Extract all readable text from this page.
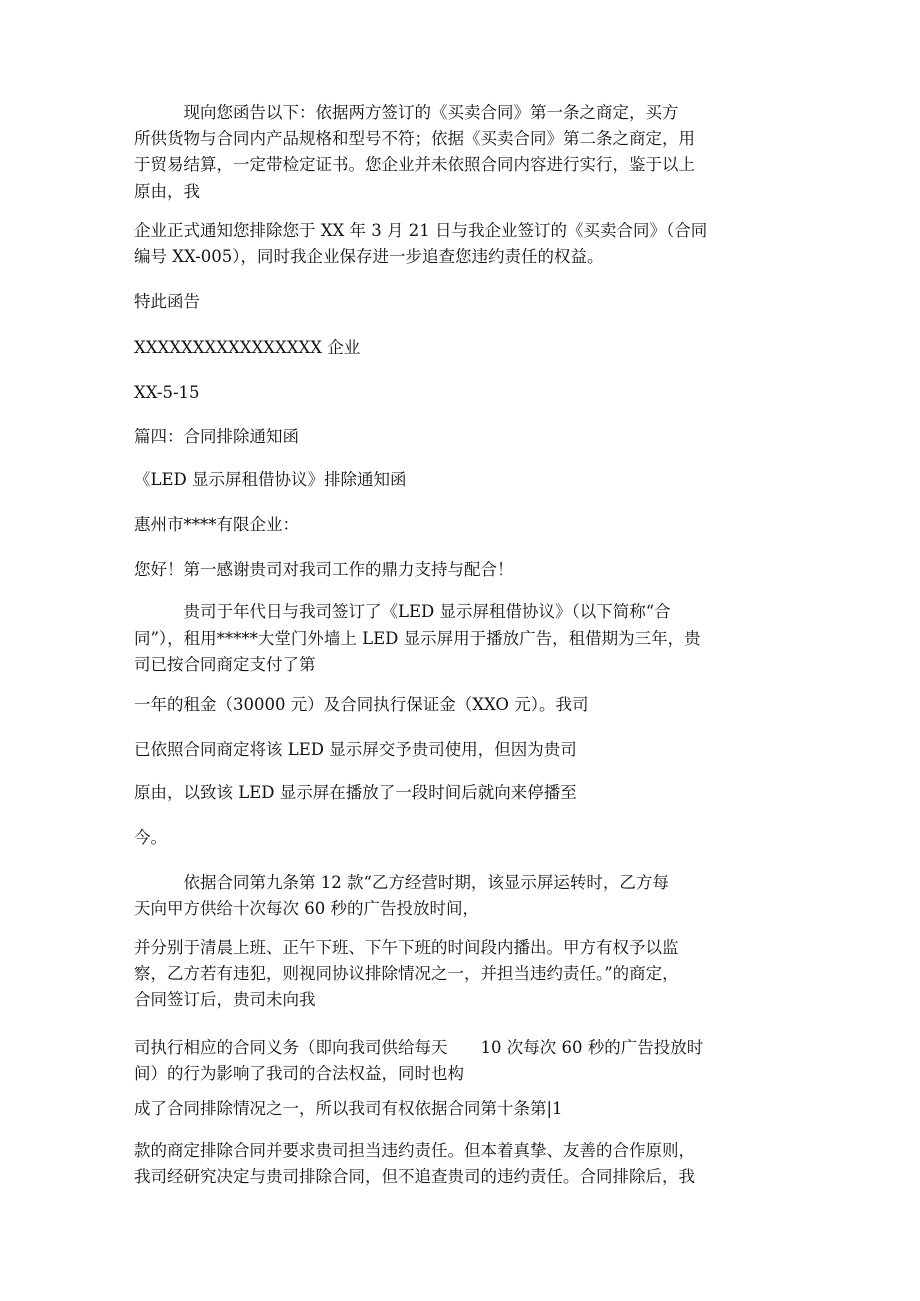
　　　现向您函告以下：依据两方签订的《买卖合同》第一条之商定，买方
所供货物与合同内产品规格和型号不符；依据《买卖合同》第二条之商定，用
于贸易结算，一定带检定证书。您企业并未依照合同内容进行实行，鉴于以上
原由，我
企业正式通知您排除您于 XX 年 3 月 21 日与我企业签订的《买卖合同》（合同
编号 XX-005），同时我企业保存进一步追查您违约责任的权益。
特此函告
XXXXXXXXXXXXXXXX 企业
XX-5-15
篇四：合同排除通知函
《LED 显示屏租借协议》排除通知函
惠州市****有限企业：
您好！第一感谢贵司对我司工作的鼎力支持与配合！
　　　贵司于年代日与我司签订了《LED 显示屏租借协议》（以下简称“合
同”），租用*****大堂门外墙上 LED 显示屏用于播放广告，租借期为三年，贵
司已按合同商定支付了第
一年的租金（30000 元）及合同执行保证金（XXO 元）。我司
已依照合同商定将该 LED 显示屏交予贵司使用，但因为贵司
原由，以致该 LED 显示屏在播放了一段时间后就向来停播至
今。
　　　依据合同第九条第 12 款“乙方经营时期，该显示屏运转时，乙方每
天向甲方供给十次每次 60 秒的广告投放时间，
并分别于清晨上班、正午下班、下午下班的时间段内播出。甲方有权予以监
察，乙方若有违犯，则视同协议排除情况之一，并担当违约责任。”的商定，
合同签订后，贵司未向我
司执行相应的合同义务（即向我司供给每天　　10 次每次 60 秒的广告投放时
间）的行为影响了我司的合法权益，同时也构
成了合同排除情况之一，所以我司有权依据合同第十条第|1
款的商定排除合同并要求贵司担当违约责任。但本着真挚、友善的合作原则，
我司经研究决定与贵司排除合同，但不追查贵司的违约责任。合同排除后，我
